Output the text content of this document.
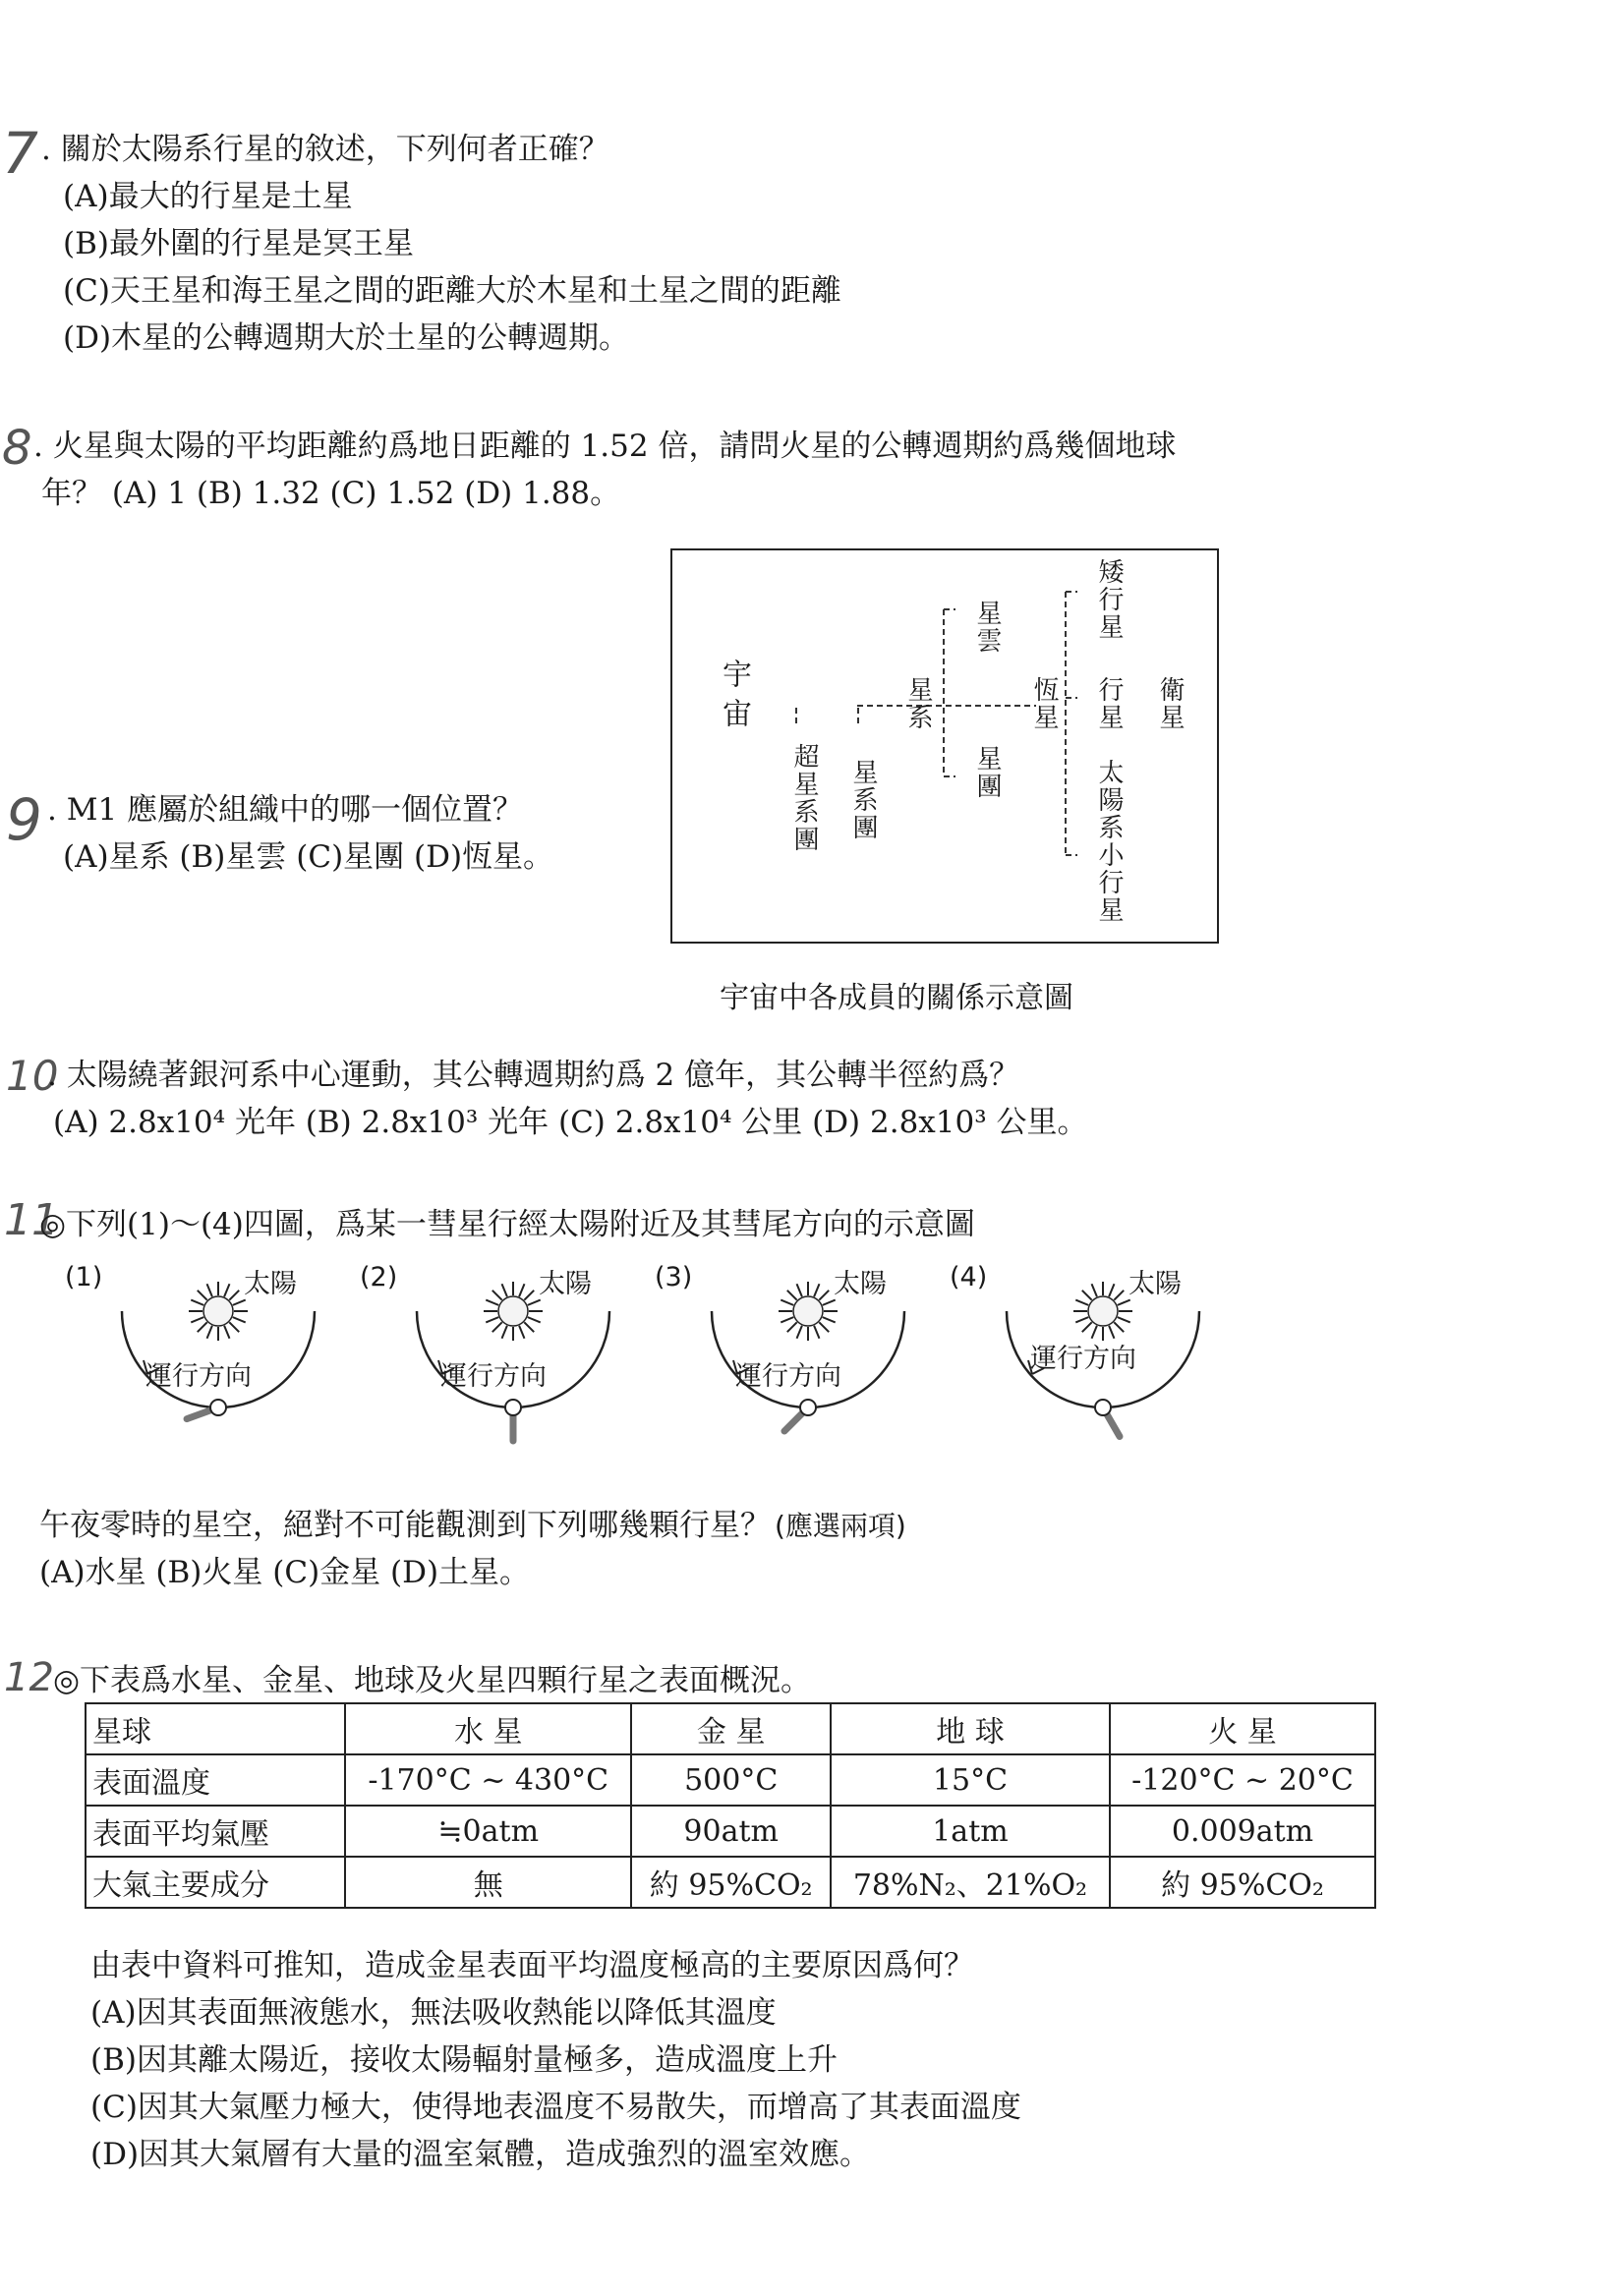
7 . 關於太陽系行星的敘述，下列何者正確？
(A)最大的行星是土星
(B)最外圍的行星是冥王星
(C)天王星和海王星之間的距離大於木星和土星之間的距離
(D)木星的公轉週期大於土星的公轉週期。
8 . 火星與太陽的平均距離約爲地日距離的 1.52 倍，請問火星的公轉週期約爲幾個地球
年？ (A) 1 (B) 1.32 (C) 1.52 (D) 1.88。
宇宙
超星系團 星系團
星系
星雲
星團
恆星
矮行星
行星 衛星
太陽系小行星
宇宙中各成員的關係示意圖
9 . M1 應屬於組織中的哪一個位置？
(A)星系 (B)星雲 (C)星團 (D)恆星。
10
. 太陽繞著銀河系中心運動，其公轉週期約爲 2 億年，其公轉半徑約爲？
(A) 2.8x10⁴ 光年 (B) 2.8x10³ 光年 (C) 2.8x10⁴ 公里 (D) 2.8x10³ 公里。
11
◎下列(1)～(4)四圖，爲某一彗星行經太陽附近及其彗尾方向的示意圖
(1)	太陽
運行方向
(2)	太陽
運行方向
(3)	太陽
運行方向
(4)	太陽
運行方向
午夜零時的星空，絕對不可能觀測到下列哪幾顆行星？ (應選兩項)
(A)水星 (B)火星 (C)金星 (D)土星。
12 ◎下表爲水星、金星、地球及火星四顆行星之表面概況。
星球	水 星	金 星	地 球	火 星
表面溫度	-170°C ~ 430°C	500°C	15°C	-120°C ~ 20°C
表面平均氣壓	≒0atm	90atm	1atm	0.009atm
大氣主要成分	無	約 95%CO₂	78%N₂、21%O₂	約 95%CO₂
由表中資料可推知，造成金星表面平均溫度極高的主要原因爲何？
(A)因其表面無液態水，無法吸收熱能以降低其溫度
(B)因其離太陽近，接收太陽輻射量極多，造成溫度上升
(C)因其大氣壓力極大，使得地表溫度不易散失，而增高了其表面溫度
(D)因其大氣層有大量的溫室氣體，造成強烈的溫室效應。
